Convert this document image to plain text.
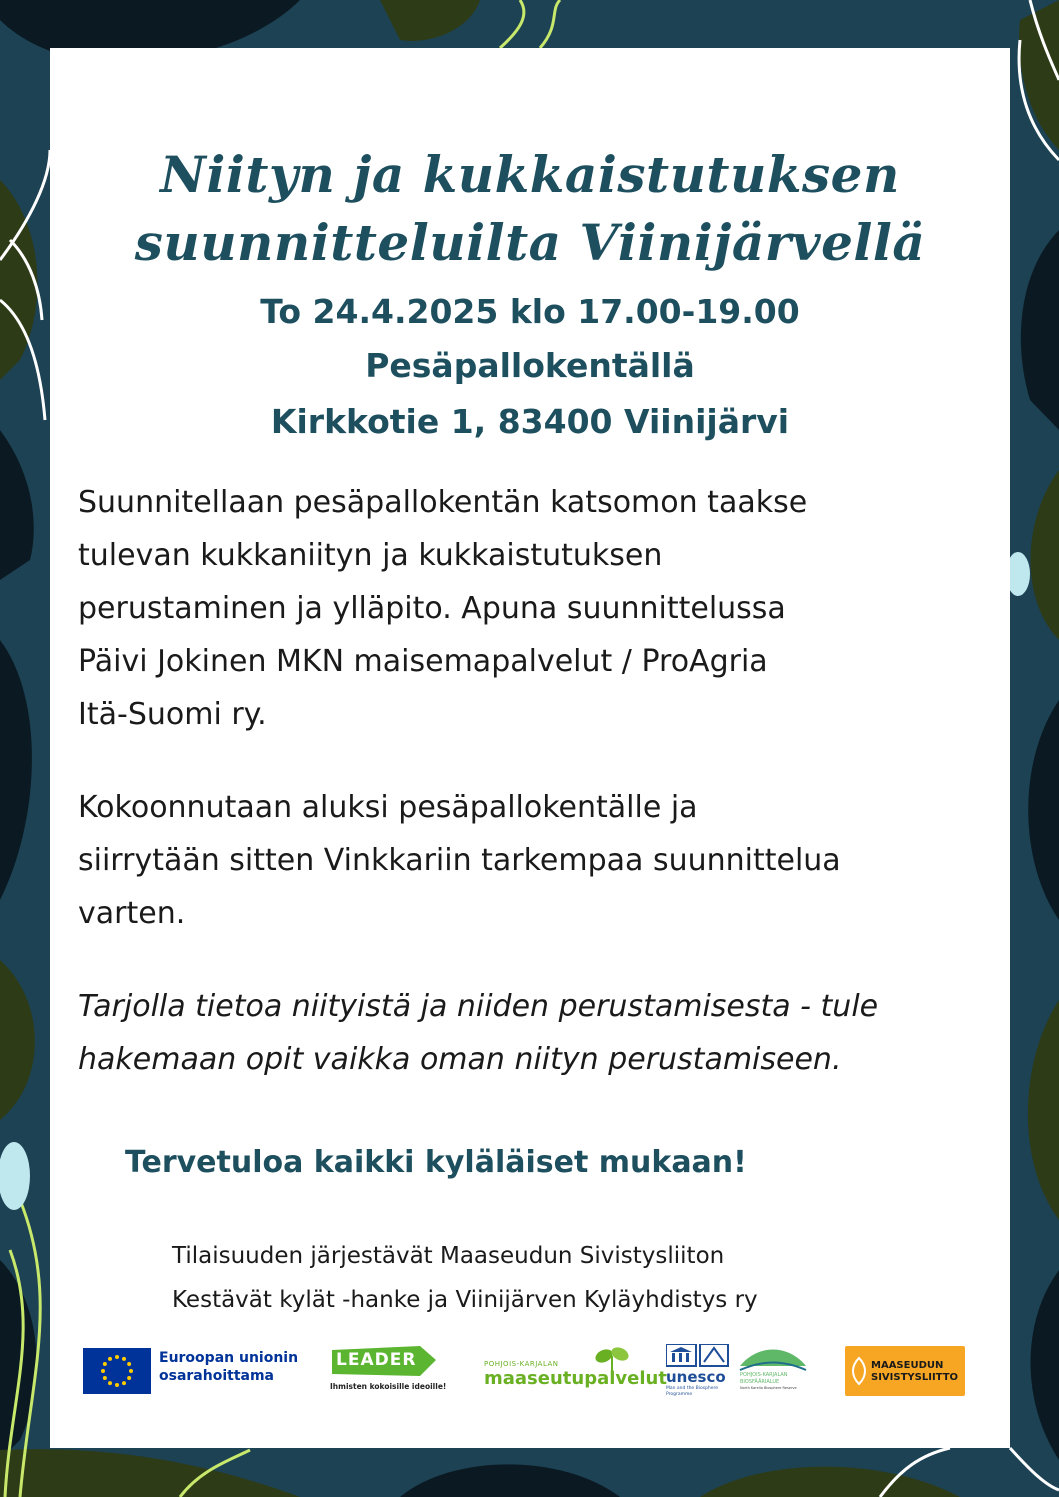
Niityn ja kukkaistutuksen
suunnitteluilta Viinijärvellä
To 24.4.2025 klo 17.00-19.00
Pesäpallokentällä
Kirkkotie 1, 83400 Viinijärvi
Suunnitellaan pesäpallokentän katsomon taakse
tulevan kukkaniityn ja kukkaistutuksen
perustaminen ja ylläpito. Apuna suunnittelussa
Päivi Jokinen MKN maisemapalvelut / ProAgria
Itä-Suomi ry.
Kokoonnutaan aluksi pesäpallokentälle ja
siirrytään sitten Vinkkariin tarkempaa suunnittelua
varten.
Tarjolla tietoa niityistä ja niiden perustamisesta - tule
hakemaan opit vaikka oman niityn perustamiseen.
Tervetuloa kaikki kyläläiset mukaan!
Tilaisuuden järjestävät Maaseudun Sivistysliiton
Kestävät kylät -hanke ja Viinijärven Kyläyhdistys ry
Euroopan unionin
osarahoittama
LEADER
Ihmisten kokoisille ideoille!
POHJOIS-KARJALAN
maaseutupalvelut unesco
Man and the Biosphere
Programme
POHJOIS-KARJALAN
BIOSFÄÄRIALUE
North Karelia Biosphere Reserve
MAASEUDUN
SIVISTYSLIITTO
